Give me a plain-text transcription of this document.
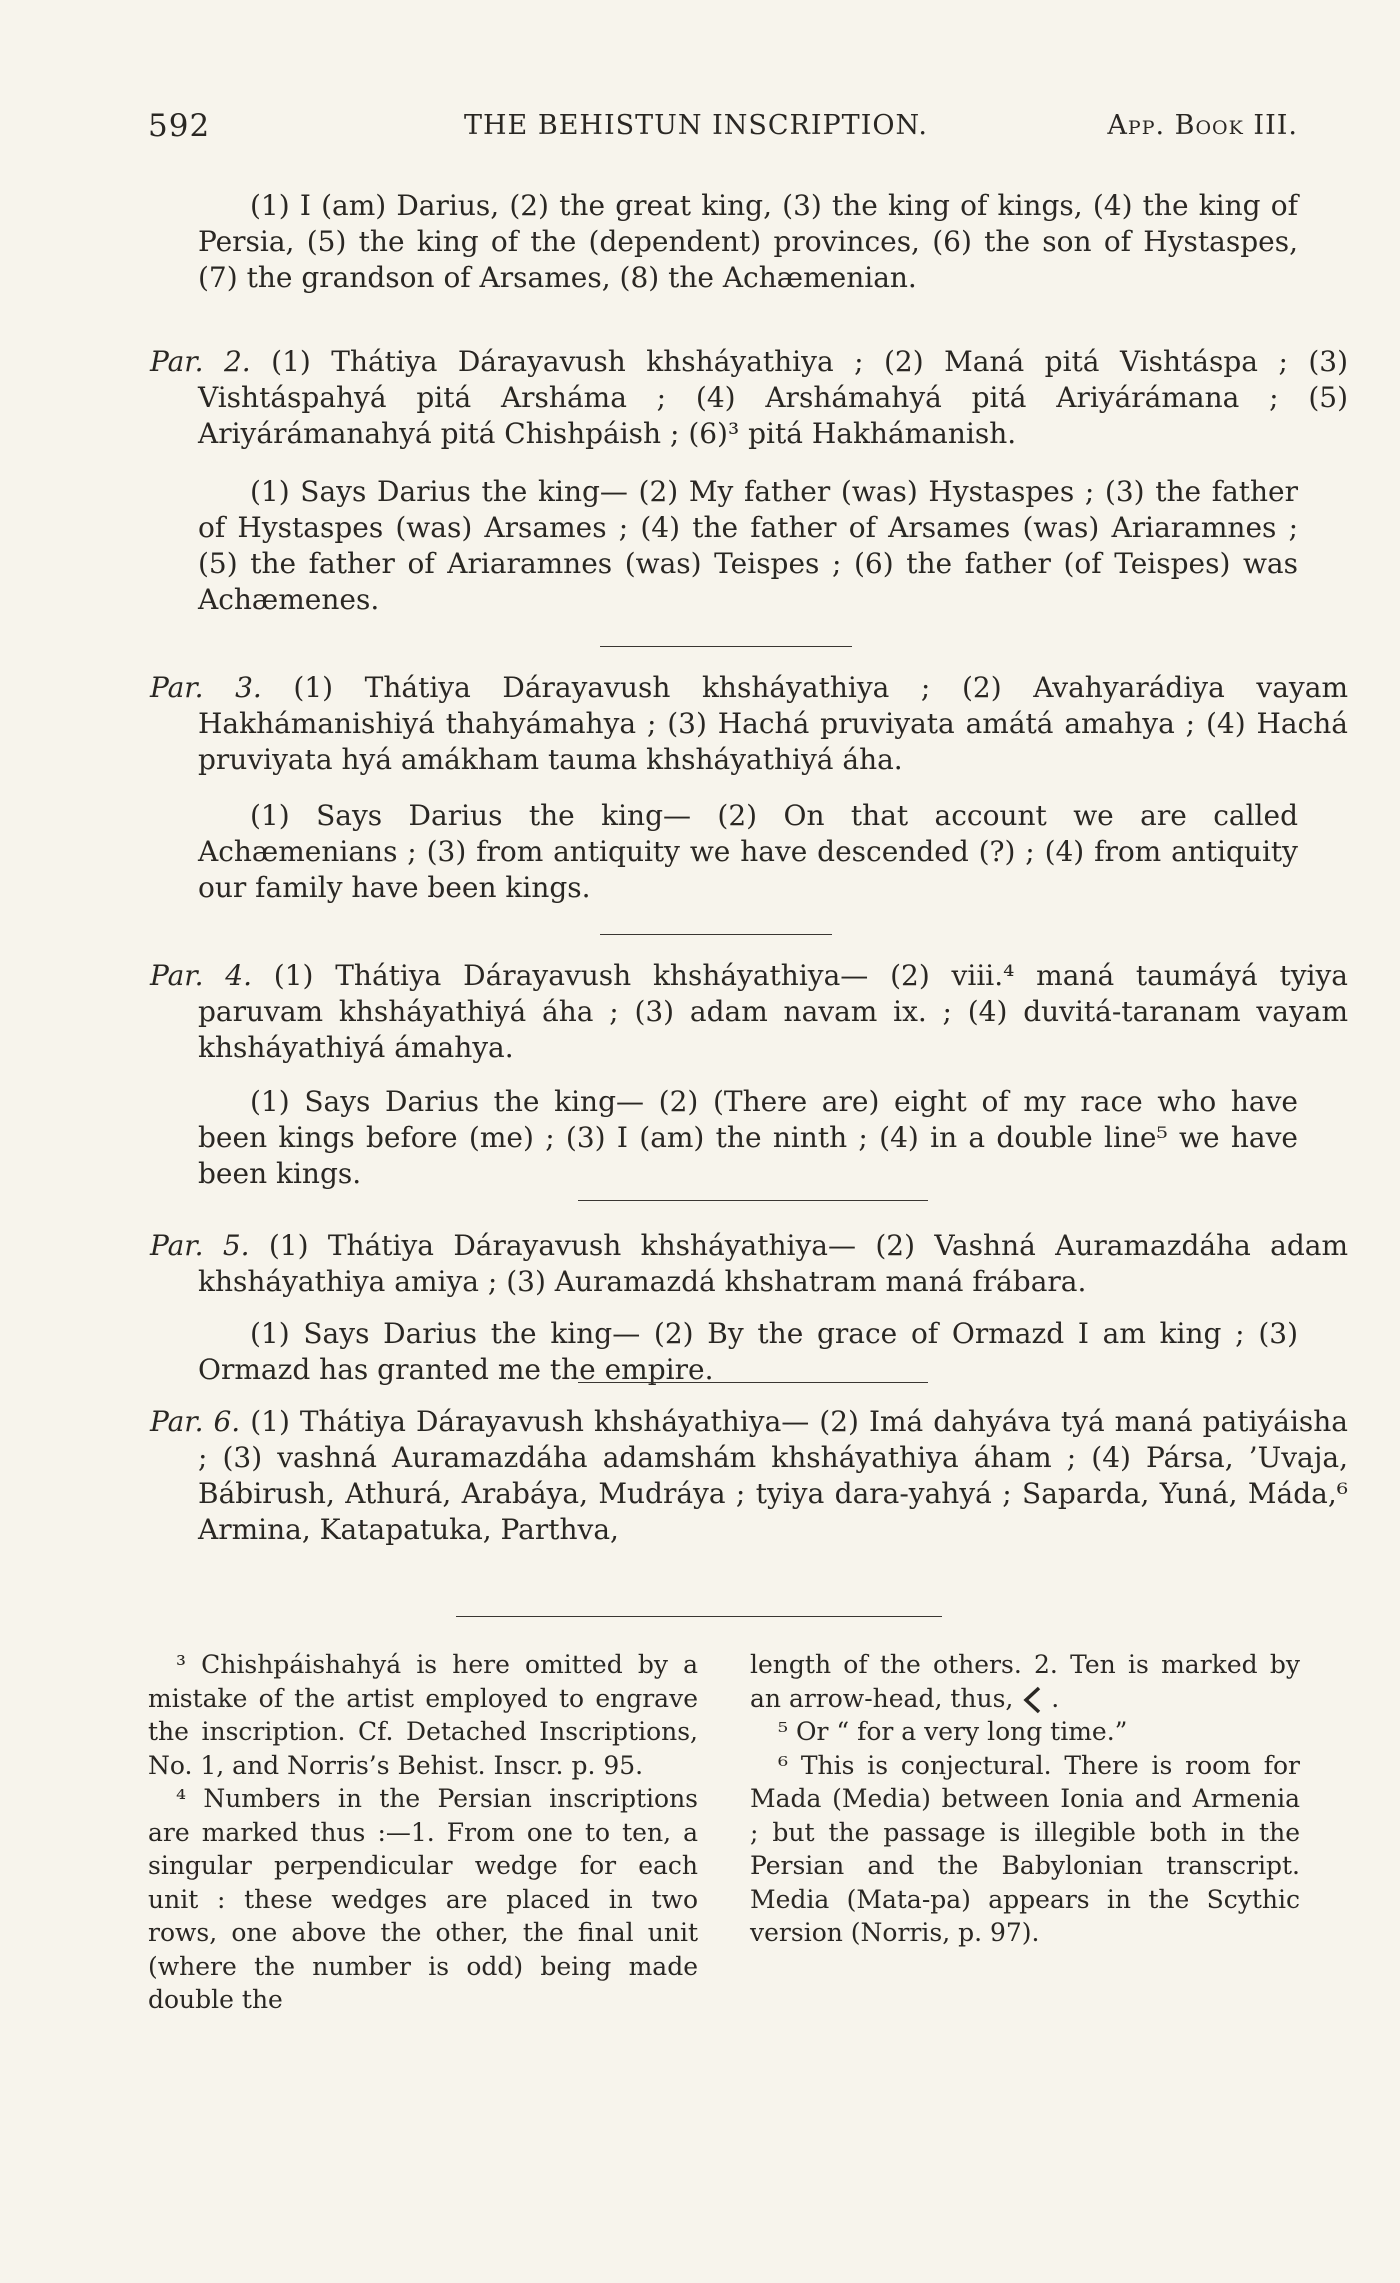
592	THE BEHISTUN INSCRIPTION.	App. Book III.

(1) I (am) Darius, (2) the great king, (3) the king of kings, (4) the king of Persia, (5) the king of the (dependent) provinces, (6) the son of Hystaspes, (7) the grandson of Arsames, (8) the Achæmenian.

Par. 2. (1) Thátiya Dárayavush khsháyathiya ; (2) Maná pitá Vishtáspa ; (3) Vishtáspahyá pitá Arsháma ; (4) Arshámahyá pitá Ariyárámana ; (5) Ariyárámanahyá pitá Chishpáish ; (6)³ pitá Hakhámanish.

(1) Says Darius the king— (2) My father (was) Hystaspes ; (3) the father of Hystaspes (was) Arsames ; (4) the father of Arsames (was) Ariaramnes ; (5) the father of Ariaramnes (was) Teispes ; (6) the father (of Teispes) was Achæmenes.

Par. 3. (1) Thátiya Dárayavush khsháyathiya ; (2) Avahyarádiya vayam Hakhámanishiyá thahyámahya ; (3) Hachá pruviyata amátá amahya ; (4) Hachá pruviyata hyá amákham tauma khsháyathiyá áha.

(1) Says Darius the king— (2) On that account we are called Achæmenians ; (3) from antiquity we have descended (?) ; (4) from antiquity our family have been kings.

Par. 4. (1) Thátiya Dárayavush khsháyathiya— (2) viii.⁴ maná taumáyá tyiya paruvam khsháyathiyá áha ; (3) adam navam ix. ; (4) duvitá-taranam vayam khsháyathiyá ámahya.

(1) Says Darius the king— (2) (There are) eight of my race who have been kings before (me) ; (3) I (am) the ninth ; (4) in a double line⁵ we have been kings.

Par. 5. (1) Thátiya Dárayavush khsháyathiya— (2) Vashná Auramazdáha adam khsháyathiya amiya ; (3) Auramazdá khshatram maná frábara.

(1) Says Darius the king— (2) By the grace of Ormazd I am king ; (3) Ormazd has granted me the empire.

Par. 6. (1) Thátiya Dárayavush khsháyathiya— (2) Imá dahyáva tyá maná patiyáisha ; (3) vashná Auramazdáha adamshám khsháyathiya áham ; (4) Pársa, ’Uvaja, Bábirush, Athurá, Arabáya, Mudráya ; tyiya dara-yahyá ; Saparda, Yuná, Máda,⁶ Armina, Katapatuka, Parthva,

³ Chishpáishahyá is here omitted by a mistake of the artist employed to engrave the inscription. Cf. Detached Inscriptions, No. 1, and Norris’s Behist. Inscr. p. 95.

⁴ Numbers in the Persian inscriptions are marked thus :—1. From one to ten, a singular perpendicular wedge for each unit : these wedges are placed in two rows, one above the other, the final unit (where the number is odd) being made double the

length of the others. 2. Ten is marked by an arrow-head, thus,  .

⁵ Or “ for a very long time.”

⁶ This is conjectural. There is room for Mada (Media) between Ionia and Armenia ; but the passage is illegible both in the Persian and the Babylonian transcript. Media (Mata-pa) appears in the Scythic version (Norris, p. 97).
